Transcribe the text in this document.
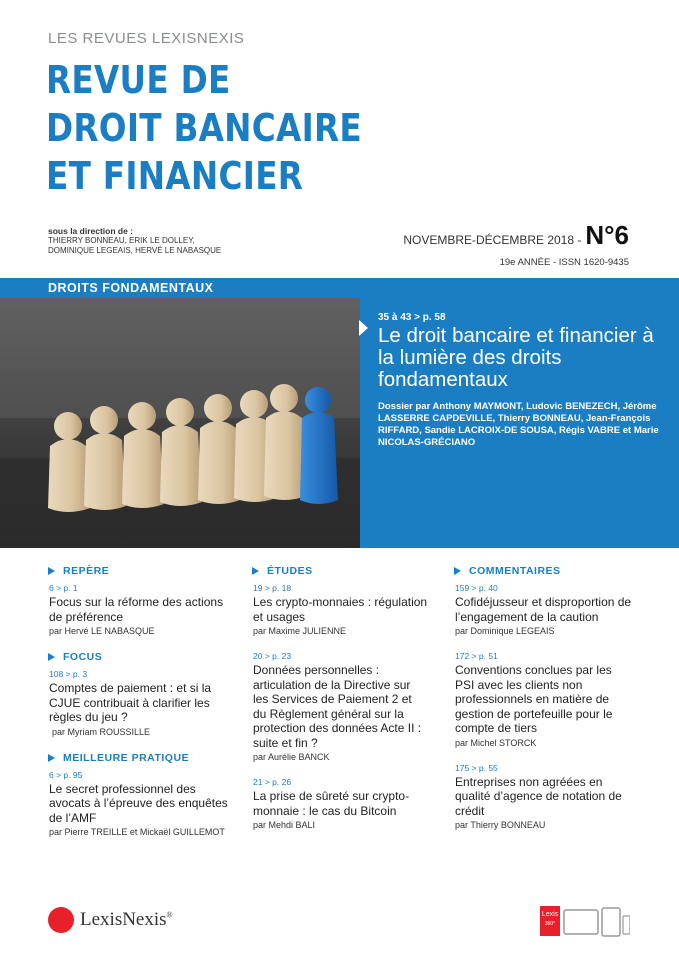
LES REVUES LEXISNEXIS
REVUE DE
DROIT BANCAIRE
ET FINANCIER
sous la direction de :
THIERRY BONNEAU, ERIK LE DOLLEY,
DOMINIQUE LEGEAIS, HERVÉ LE NABASQUE
NOVEMBRE-DÉCEMBRE 2018 - N°6
19e ANNÉE - ISSN 1620-9435
DROITS FONDAMENTAUX
35 à 43 > p. 58
Le droit bancaire et financier à la lumière des droits fondamentaux
Dossier par Anthony MAYMONT, Ludovic BENEZECH, Jérôme LASSERRE CAPDEVILLE, Thierry BONNEAU, Jean-François RIFFARD, Sandie LACROIX-DE SOUSA, Régis VABRE et Marie NICOLAS-GRÉCIANO
REPÈRE
6 > p. 1
Focus sur la réforme des actions de préférence
par Hervé LE NABASQUE
FOCUS
108 > p. 3
Comptes de paiement : et si la CJUE contribuait à clarifier les règles du jeu ?
par Myriam ROUSSILLE
MEILLEURE PRATIQUE
6 > p. 95
Le secret professionnel des avocats à l’épreuve des enquêtes de l’AMF
par Pierre TREILLE et Mickaël GUILLEMOT
ÉTUDES
19 > p. 18
Les crypto-monnaies : régulation et usages
par Maxime JULIENNE
20 > p. 23
Données personnelles : articulation de la Directive sur les Services de Paiement 2 et du Règlement général sur la protection des données Acte II : suite et fin ?
par Aurélie BANCK
21 > p. 26
La prise de sûreté sur crypto-monnaie : le cas du Bitcoin
par Mehdi BALI
COMMENTAIRES
159 > p. 40
Cofidéjusseur et disproportion de l’engagement de la caution
par Dominique LEGEAIS
172 > p. 51
Conventions conclues par les PSI avec les clients non professionnels en matière de gestion de portefeuille pour le compte de tiers
par Michel STORCK
175 > p. 55
Entreprises non agréées en qualité d’agence de notation de crédit
par Thierry BONNEAU
LexisNexis®	Lexis
360°
